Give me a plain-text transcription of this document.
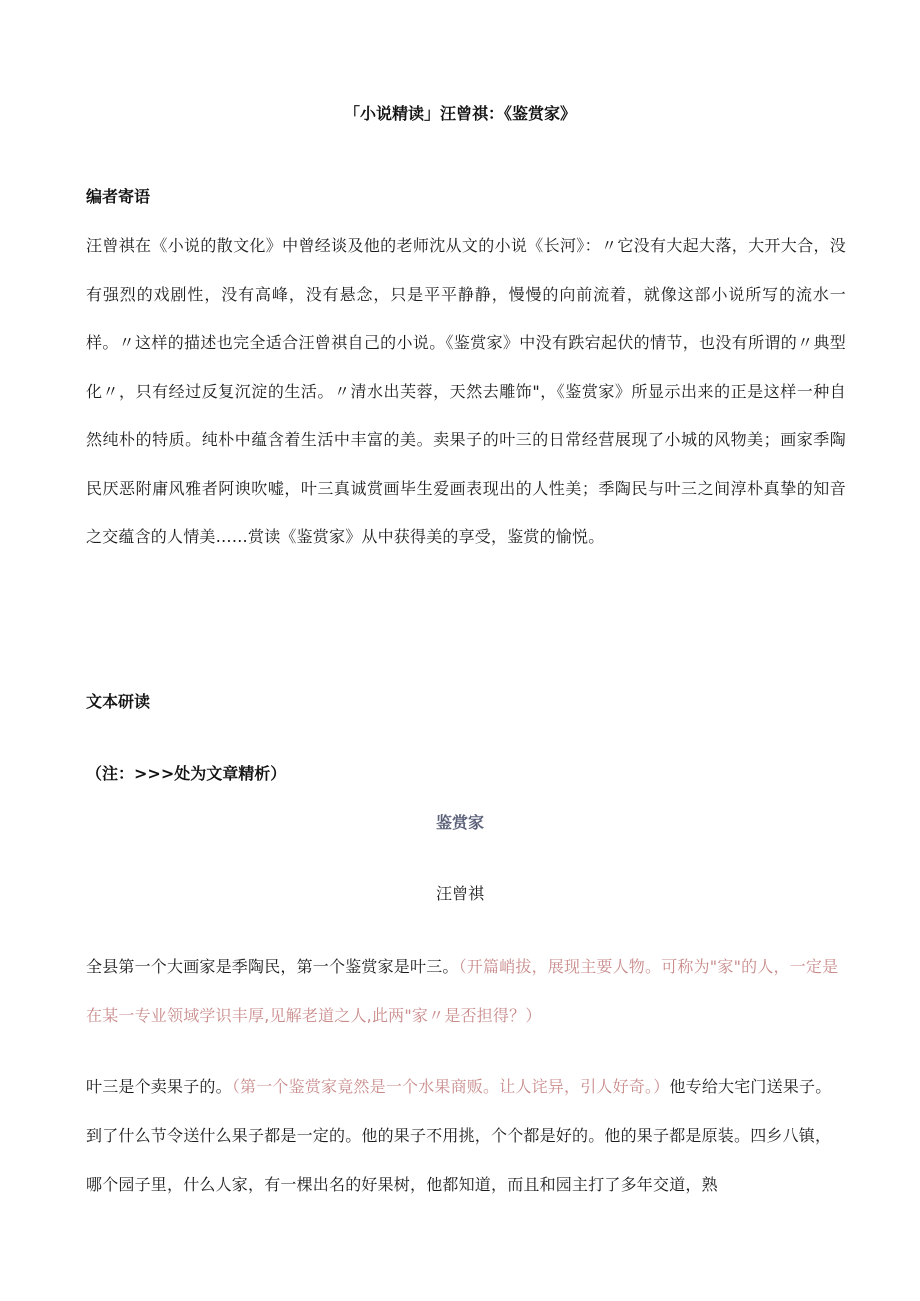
「小说精读」汪曾祺：《鉴赏家》
编者寄语
汪曾祺在《小说的散文化》中曾经谈及他的老师沈从文的小说《长河》：〃它没有大起大落，大开大合，没有强烈的戏剧性，没有高峰，没有悬念，只是平平静静，慢慢的向前流着，就像这部小说所写的流水一样。〃这样的描述也完全适合汪曾祺自己的小说。《鉴赏家》中没有跌宕起伏的情节，也没有所谓的〃典型化〃，只有经过反复沉淀的生活。〃清水出芙蓉，天然去雕饰"，《鉴赏家》所显示出来的正是这样一种自然纯朴的特质。纯朴中蕴含着生活中丰富的美。卖果子的叶三的日常经营展现了小城的风物美；画家季陶民厌恶附庸风雅者阿谀吹嘘，叶三真诚赏画毕生爱画表现出的人性美；季陶民与叶三之间淳朴真挚的知音之交蕴含的人情美……赏读《鉴赏家》从中获得美的享受，鉴赏的愉悦。
文本研读
（注：>>>处为文章精析）
鉴赏家
汪曾祺
全县第一个大画家是季陶民，第一个鉴赏家是叶三。（开篇峭拔，展现主要人物。可称为"家"的人，一定是在某一专业领域学识丰厚,见解老道之人,此两"家〃是否担得？）
叶三是个卖果子的。（第一个鉴赏家竟然是一个水果商贩。让人诧异，引人好奇。）他专给大宅门送果子。到了什么节令送什么果子都是一定的。他的果子不用挑，个个都是好的。他的果子都是原装。四乡八镇，哪个园子里，什么人家，有一棵出名的好果树，他都知道，而且和园主打了多年交道，熟
